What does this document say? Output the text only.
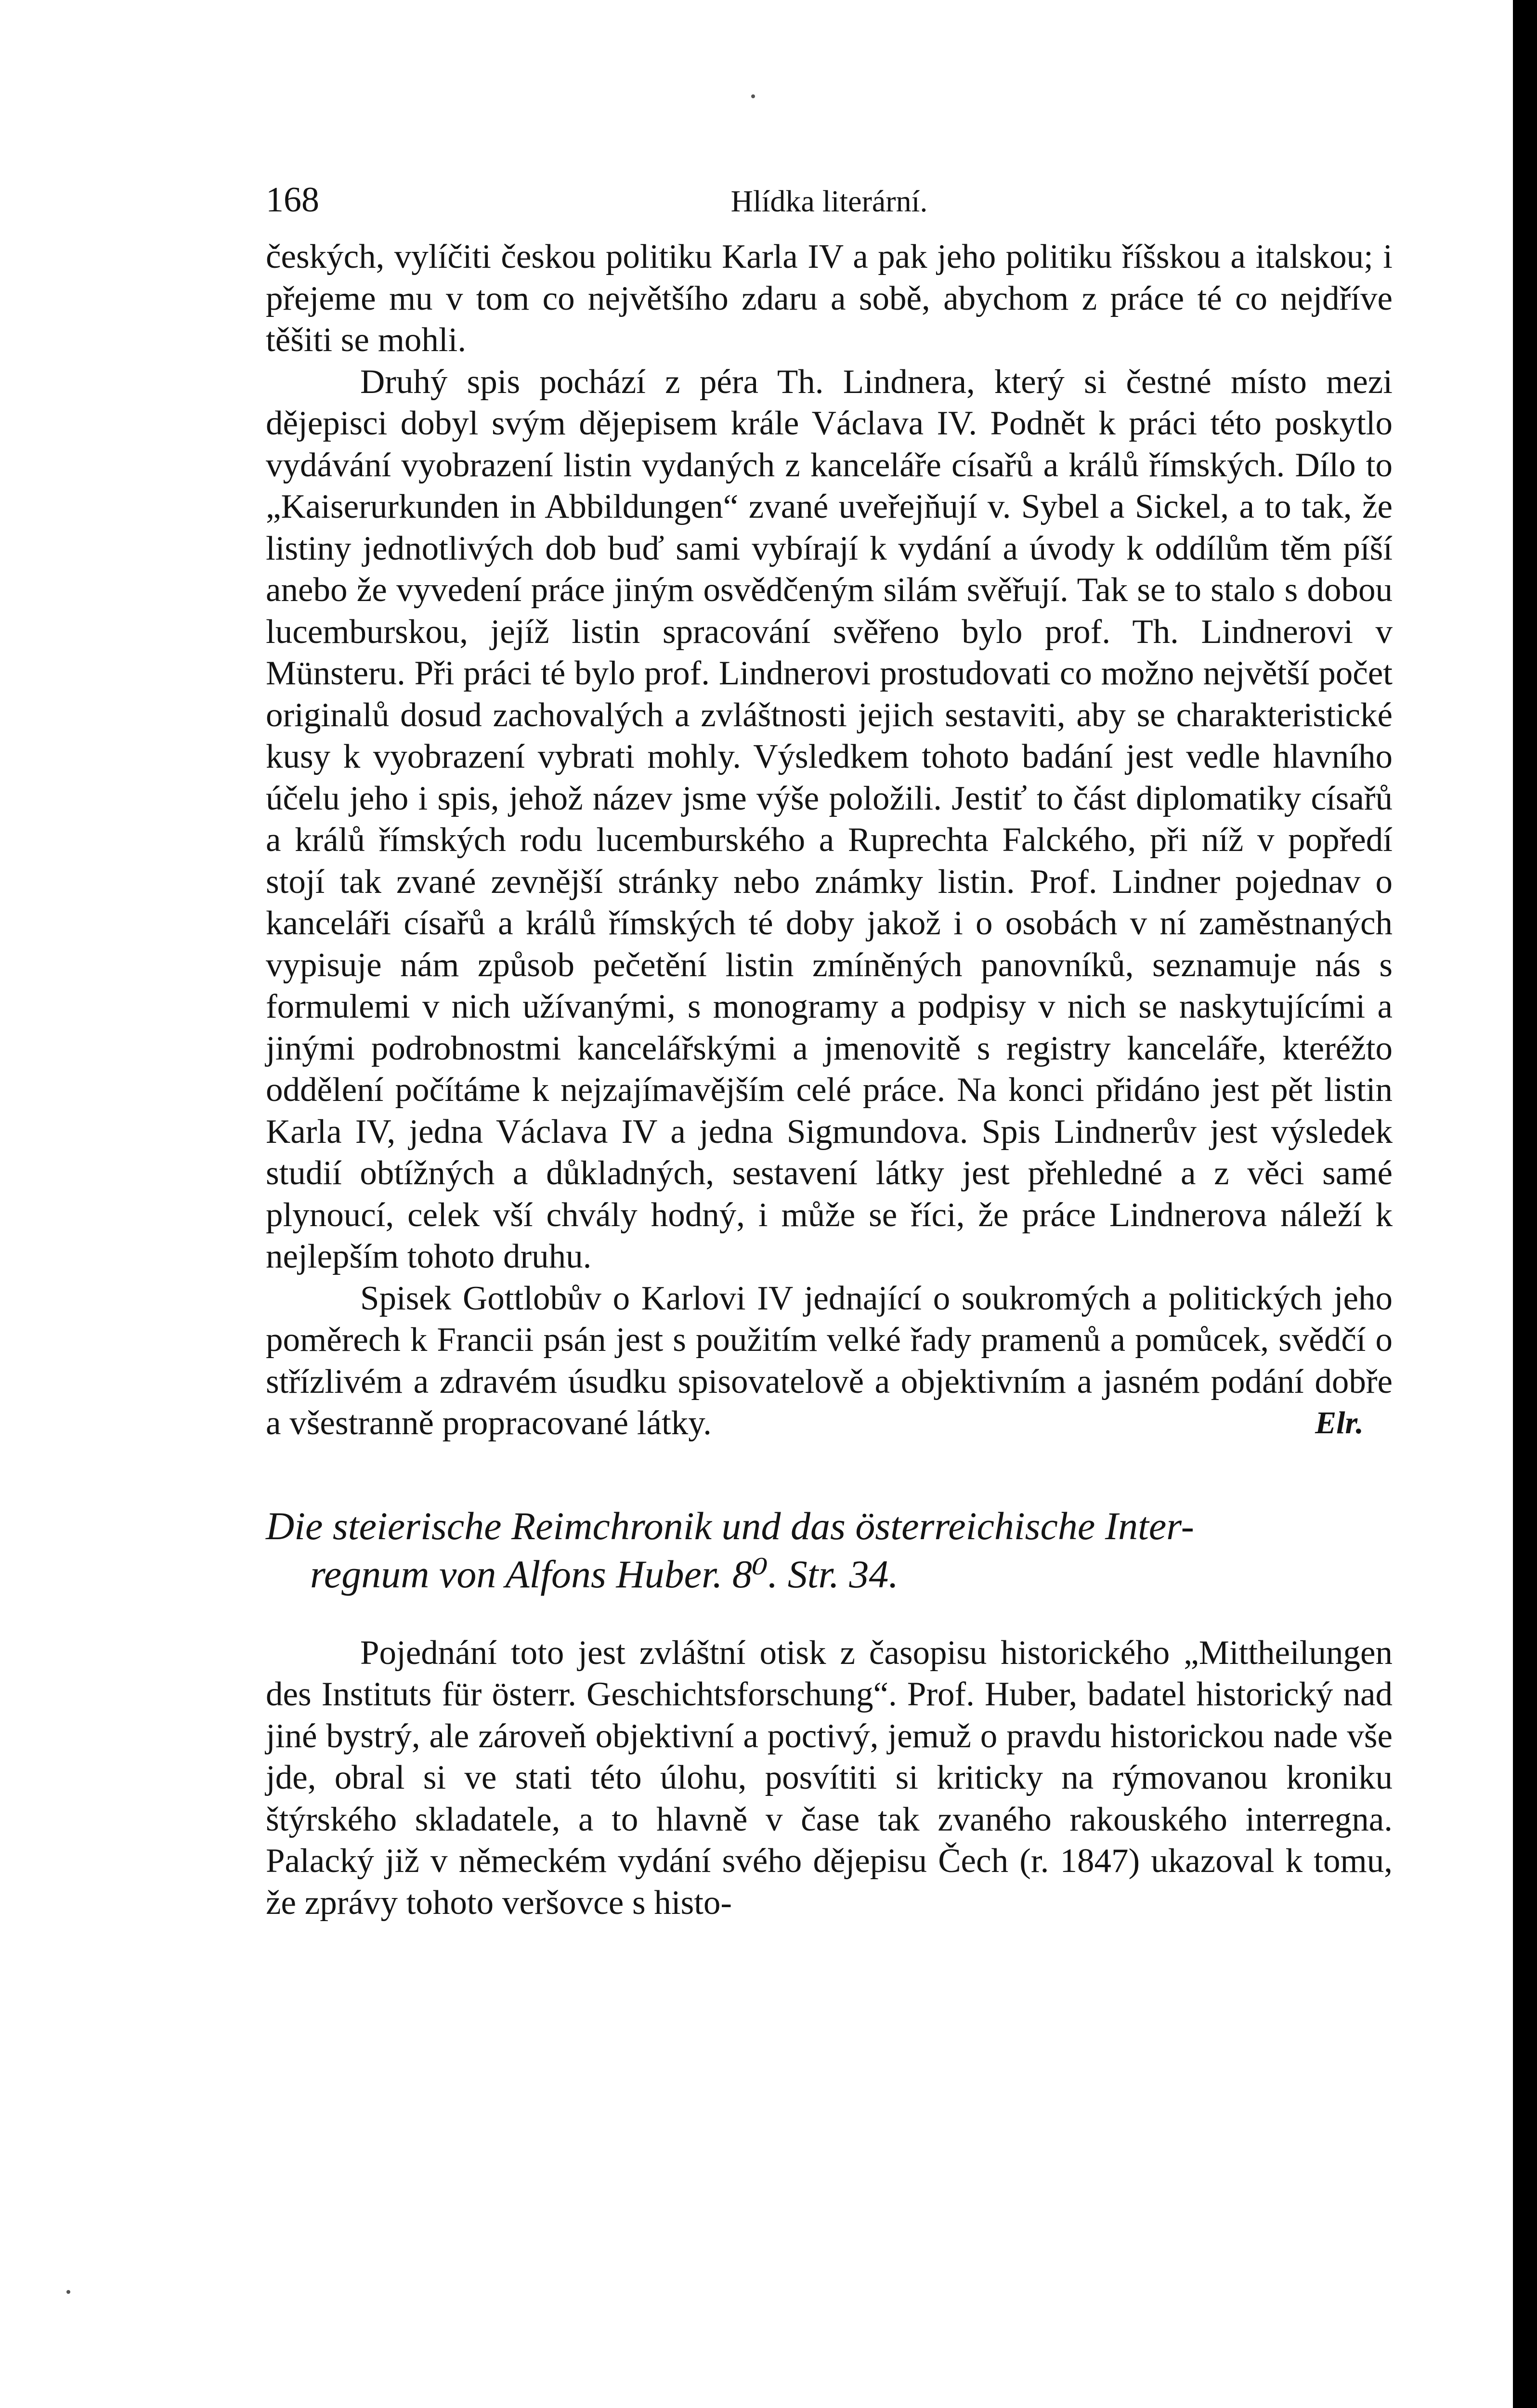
168	Hlídka literární.

českých, vylíčiti českou politiku Karla IV a pak jeho politiku říšskou a italskou; i přejeme mu v tom co největšího zdaru a sobě, abychom z práce té co nejdříve těšiti se mohli.

Druhý spis pochází z péra Th. Lindnera, který si čestné místo mezi dějepisci dobyl svým dějepisem krále Václava IV. Podnět k práci této poskytlo vydávání vyobrazení listin vydaných z kanceláře císařů a králů římských. Dílo to „Kaiserurkunden in Abbildungen“ zvané uveřejňují v. Sybel a Sickel, a to tak, že listiny jednotlivých dob buď sami vybírají k vydání a úvody k oddílům těm píší anebo že vyvedení práce jiným osvědčeným silám svěřují. Tak se to stalo s dobou lucemburskou, jejíž listin spracování svěřeno bylo prof. Th. Lindnerovi v Münsteru. Při práci té bylo prof. Lindnerovi prostudovati co možno největší počet originalů dosud zachovalých a zvláštnosti jejich sestaviti, aby se charakteristické kusy k vyobrazení vybrati mohly. Výsledkem tohoto badání jest vedle hlavního účelu jeho i spis, jehož název jsme výše položili. Jestiť to část diplomatiky císařů a králů římských rodu lucemburského a Ruprechta Falckého, při níž v popředí stojí tak zvané zevnější stránky nebo známky listin. Prof. Lindner pojednav o kanceláři císařů a králů římských té doby jakož i o osobách v ní zaměstnaných vypisuje nám způsob pečetění listin zmíněných panovníků, seznamuje nás s formulemi v nich užívanými, s monogramy a podpisy v nich se naskytujícími a jinými podrobnostmi kancelářskými a jmenovitě s registry kanceláře, kteréžto oddělení počítáme k nejzajímavějším celé práce. Na konci přidáno jest pět listin Karla IV, jedna Václava IV a jedna Sigmundova. Spis Lindnerův jest výsledek studií obtížných a důkladných, sestavení látky jest přehledné a z věci samé plynoucí, celek vší chvály hodný, i může se říci, že práce Lindnerova náleží k nejlepším tohoto druhu.

Spisek Gottlobův o Karlovi IV jednající o soukromých a politických jeho poměrech k Francii psán jest s použitím velké řady pramenů a pomůcek, svědčí o střízlivém a zdravém úsudku spisovatelově a objektivním a jasném podání dobře a všestranně propracované látky.	Elr.

Die steierische Reimchronik und das österreichische Inter-
regnum von Alfons Huber. 8⁰. Str. 34.

Pojednání toto jest zvláštní otisk z časopisu historického „Mittheilungen des Instituts für österr. Geschichtsforschung“. Prof. Huber, badatel historický nad jiné bystrý, ale zároveň objektivní a poctivý, jemuž o pravdu historickou nade vše jde, obral si ve stati této úlohu, posvítiti si kriticky na rýmovanou kroniku štýrského skladatele, a to hlavně v čase tak zvaného rakouského interregna. Palacký již v německém vydání svého dějepisu Čech (r. 1847) ukazoval k tomu, že zprávy tohoto veršovce s histo-
